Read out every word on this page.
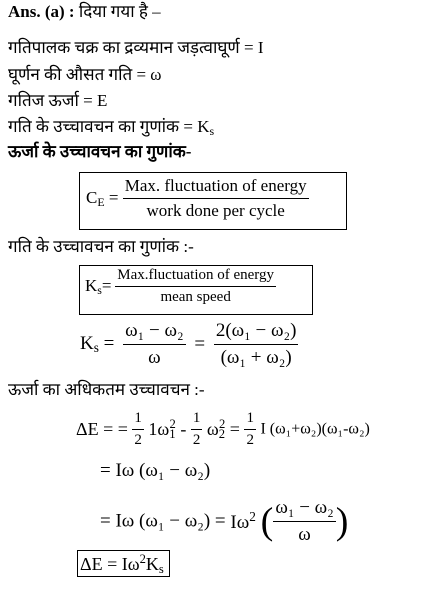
Ans. (a) : दिया गया है –
गतिपालक चक्र का द्रव्यमान जड़त्वाघूर्ण = I
घूर्णन की औसत गति = ω
गतिज ऊर्जा = E
गति के उच्चावचन का गुणांक = $K_s$
ऊर्जा के उच्चावचन का गुणांक-
$C_E = \frac{\text{Max. fluctuation of energy}}{\text{work done per cycle}}$
गति के उच्चावचन का गुणांक :-
$K_s= \frac{\text{Max.fluctuation of energy}}{\text{mean speed}}$
$K_s = \frac{\text{ω₁ − ω₂}}{\omega} = \frac{\text{2(ω₁ − ω₂)}}{\text{(ω₁ + ω₂)}}$
ऊर्जा का अधिकतम उच्चावचन :-
ΔE = = $\frac{1}{2} 1\omega_1^2 - \frac{1}{2} \omega_2^2 = \frac{1}{2}$ I (ω₁+ω₂)(ω₁-ω₂)
= Iω (ω₁ − ω₂)
= Iω $(\omega_1 - \omega_2) = I\omega^2$ ( $\frac{\text{ω₁ − ω₂}}{\omega}$ )
$\Delta E = I\omega^2K_s$
